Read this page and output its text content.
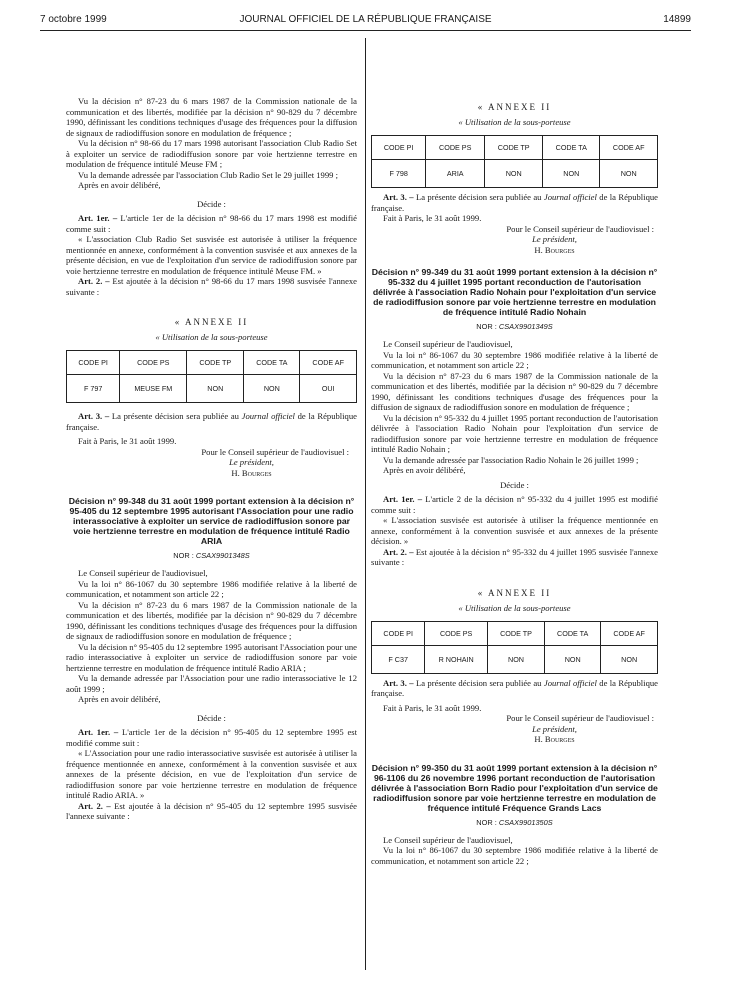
7 octobre 1999	JOURNAL OFFICIEL DE LA RÉPUBLIQUE FRANÇAISE	14899

Vu la décision n° 87-23 du 6 mars 1987 de la Commission nationale de la communication et des libertés, modifiée par la décision n° 90-829 du 7 décembre 1990, définissant les conditions techniques d'usage des fréquences pour la diffusion de signaux de radiodiffusion sonore en modulation de fréquence ;

Vu la décision n° 98-66 du 17 mars 1998 autorisant l'association Club Radio Set à exploiter un service de radiodiffusion sonore par voie hertzienne terrestre en modulation de fréquence intitulé Meuse FM ;

Vu la demande adressée par l'association Club Radio Set le 29 juillet 1999 ;

Après en avoir délibéré,

Décide :

Art. 1er. – L'article 1er de la décision n° 98-66 du 17 mars 1998 est modifié comme suit :

« L'association Club Radio Set susvisée est autorisée à utiliser la fréquence mentionnée en annexe, conformément à la convention susvisée et aux annexes de la présente décision, en vue de l'exploitation d'un service de radiodiffusion sonore par voie hertzienne terrestre en modulation de fréquence intitulé Meuse FM. »

Art. 2. – Est ajoutée à la décision n° 98-66 du 17 mars 1998 susvisée l'annexe suivante :

« ANNEXE II
« Utilisation de la sous-porteuse
CODE PI	CODE PS	CODE TP	CODE TA	CODE AF
F 797	MEUSE FM	NON	NON	OUI

Art. 3. – La présente décision sera publiée au Journal officiel de la République française.

Fait à Paris, le 31 août 1999.

Pour le Conseil supérieur de l'audiovisuel :

Le président,

H. Bourges

Décision n° 99-348 du 31 août 1999 portant extension à la décision n° 95-405 du 12 septembre 1995 autorisant l'Association pour une radio interassociative à exploiter un service de radiodiffusion sonore par voie hertzienne terrestre en modulation de fréquence intitulé Radio ARIA
NOR : CSAX9901348S

Le Conseil supérieur de l'audiovisuel,

Vu la loi n° 86-1067 du 30 septembre 1986 modifiée relative à la liberté de communication, et notamment son article 22 ;

Vu la décision n° 87-23 du 6 mars 1987 de la Commission nationale de la communication et des libertés, modifiée par la décision n° 90-829 du 7 décembre 1990, définissant les conditions techniques d'usage des fréquences pour la diffusion de signaux de radiodiffusion sonore en modulation de fréquence ;

Vu la décision n° 95-405 du 12 septembre 1995 autorisant l'Association pour une radio interassociative à exploiter un service de radiodiffusion sonore par voie hertzienne terrestre en modulation de fréquence intitulé Radio ARIA ;

Vu la demande adressée par l'Association pour une radio interassociative le 12 août 1999 ;

Après en avoir délibéré,

Décide :

Art. 1er. – L'article 1er de la décision n° 95-405 du 12 septembre 1995 est modifié comme suit :

« L'Association pour une radio interassociative susvisée est autorisée à utiliser la fréquence mentionnée en annexe, conformément à la convention susvisée et aux annexes de la présente décision, en vue de l'exploitation d'un service de radiodiffusion sonore par voie hertzienne terrestre en modulation de fréquence intitulé Radio ARIA. »

Art. 2. – Est ajoutée à la décision n° 95-405 du 12 septembre 1995 susvisée l'annexe suivante :

« ANNEXE II
« Utilisation de la sous-porteuse
CODE PI	CODE PS	CODE TP	CODE TA	CODE AF
F 798	ARIA	NON	NON	NON

Art. 3. – La présente décision sera publiée au Journal officiel de la République française.

Fait à Paris, le 31 août 1999.

Pour le Conseil supérieur de l'audiovisuel :

Le président,

H. Bourges

Décision n° 99-349 du 31 août 1999 portant extension à la décision n° 95-332 du 4 juillet 1995 portant reconduction de l'autorisation délivrée à l'association Radio Nohain pour l'exploitation d'un service de radiodiffusion sonore par voie hertzienne terrestre en modulation de fréquence intitulé Radio Nohain
NOR : CSAX9901349S

Le Conseil supérieur de l'audiovisuel,

Vu la loi n° 86-1067 du 30 septembre 1986 modifiée relative à la liberté de communication, et notamment son article 22 ;

Vu la décision n° 87-23 du 6 mars 1987 de la Commission nationale de la communication et des libertés, modifiée par la décision n° 90-829 du 7 décembre 1990, définissant les conditions techniques d'usage des fréquences pour la diffusion de signaux de radiodiffusion sonore en modulation de fréquence ;

Vu la décision n° 95-332 du 4 juillet 1995 portant reconduction de l'autorisation délivrée à l'association Radio Nohain pour l'exploitation d'un service de radiodiffusion sonore par voie hertzienne terrestre en modulation de fréquence intitulé Radio Nohain ;

Vu la demande adressée par l'association Radio Nohain le 26 juillet 1999 ;

Après en avoir délibéré,

Décide :

Art. 1er. – L'article 2 de la décision n° 95-332 du 4 juillet 1995 est modifié comme suit :

« L'association susvisée est autorisée à utiliser la fréquence mentionnée en annexe, conformément à la convention susvisée et aux annexes de la présente décision. »

Art. 2. – Est ajoutée à la décision n° 95-332 du 4 juillet 1995 susvisée l'annexe suivante :

« ANNEXE II
« Utilisation de la sous-porteuse
CODE PI	CODE PS	CODE TP	CODE TA	CODE AF
F C37	R NOHAIN	NON	NON	NON

Art. 3. – La présente décision sera publiée au Journal officiel de la République française.

Fait à Paris, le 31 août 1999.

Pour le Conseil supérieur de l'audiovisuel :

Le président,

H. Bourges

Décision n° 99-350 du 31 août 1999 portant extension à la décision n° 96-1106 du 26 novembre 1996 portant reconduction de l'autorisation délivrée à l'association Born Radio pour l'exploitation d'un service de radiodiffusion sonore par voie hertzienne terrestre en modulation de fréquence intitulé Fréquence Grands Lacs
NOR : CSAX9901350S

Le Conseil supérieur de l'audiovisuel,

Vu la loi n° 86-1067 du 30 septembre 1986 modifiée relative à la liberté de communication, et notamment son article 22 ;
